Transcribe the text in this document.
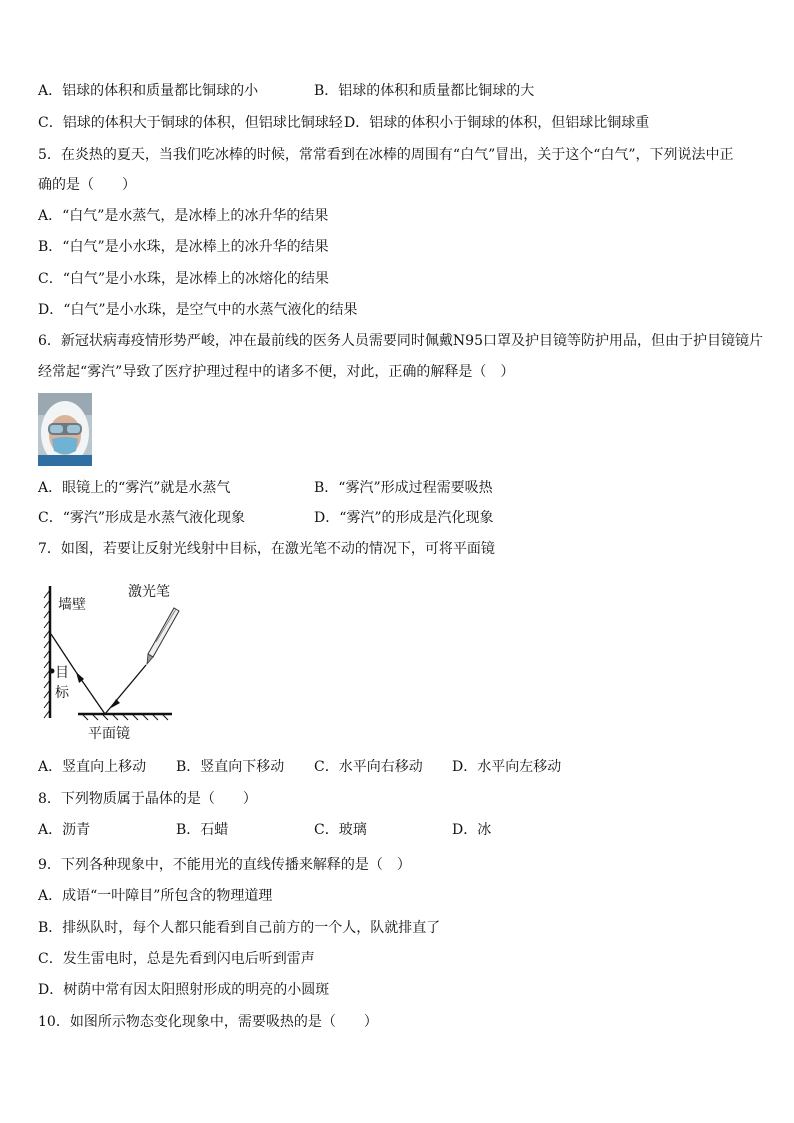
A．铝球的体积和质量都比铜球的小	B．铝球的体积和质量都比铜球的大
C．铝球的体积大于铜球的体积，但铝球比铜球轻 D．铝球的体积小于铜球的体积，但铝球比铜球重
5．在炎热的夏天，当我们吃冰棒的时候，常常看到在冰棒的周围有“白气”冒出，关于这个“白气”，下列说法中正
确的是（　　）
A．“白气”是水蒸气，是冰棒上的冰升华的结果
B．“白气”是小水珠，是冰棒上的冰升华的结果
C．“白气”是小水珠，是冰棒上的冰熔化的结果
D．“白气”是小水珠，是空气中的水蒸气液化的结果
6．新冠状病毒疫情形势严峻，冲在最前线的医务人员需要同时佩戴N95口罩及护目镜等防护用品，但由于护目镜镜片
经常起“雾汽”导致了医疗护理过程中的诸多不便，对此，正确的解释是（　）
A．眼镜上的“雾汽”就是水蒸气	B．“雾汽”形成过程需要吸热
C．“雾汽”形成是水蒸气液化现象	D．“雾汽”的形成是汽化现象
7．如图，若要让反射光线射中目标，在激光笔不动的情况下，可将平面镜
墙壁
激光笔
目
标
平面镜
A．竖直向上移动 B．竖直向下移动 C．水平向右移动 D．水平向左移动
8．下列物质属于晶体的是（　　）
A．沥青	B．石蜡	C．玻璃	D．冰
9．下列各种现象中，不能用光的直线传播来解释的是（　）
A．成语“一叶障目”所包含的物理道理
B．排纵队时，每个人都只能看到自己前方的一个人，队就排直了
C．发生雷电时，总是先看到闪电后听到雷声
D．树荫中常有因太阳照射形成的明亮的小圆斑
10．如图所示物态变化现象中，需要吸热的是（　　）
